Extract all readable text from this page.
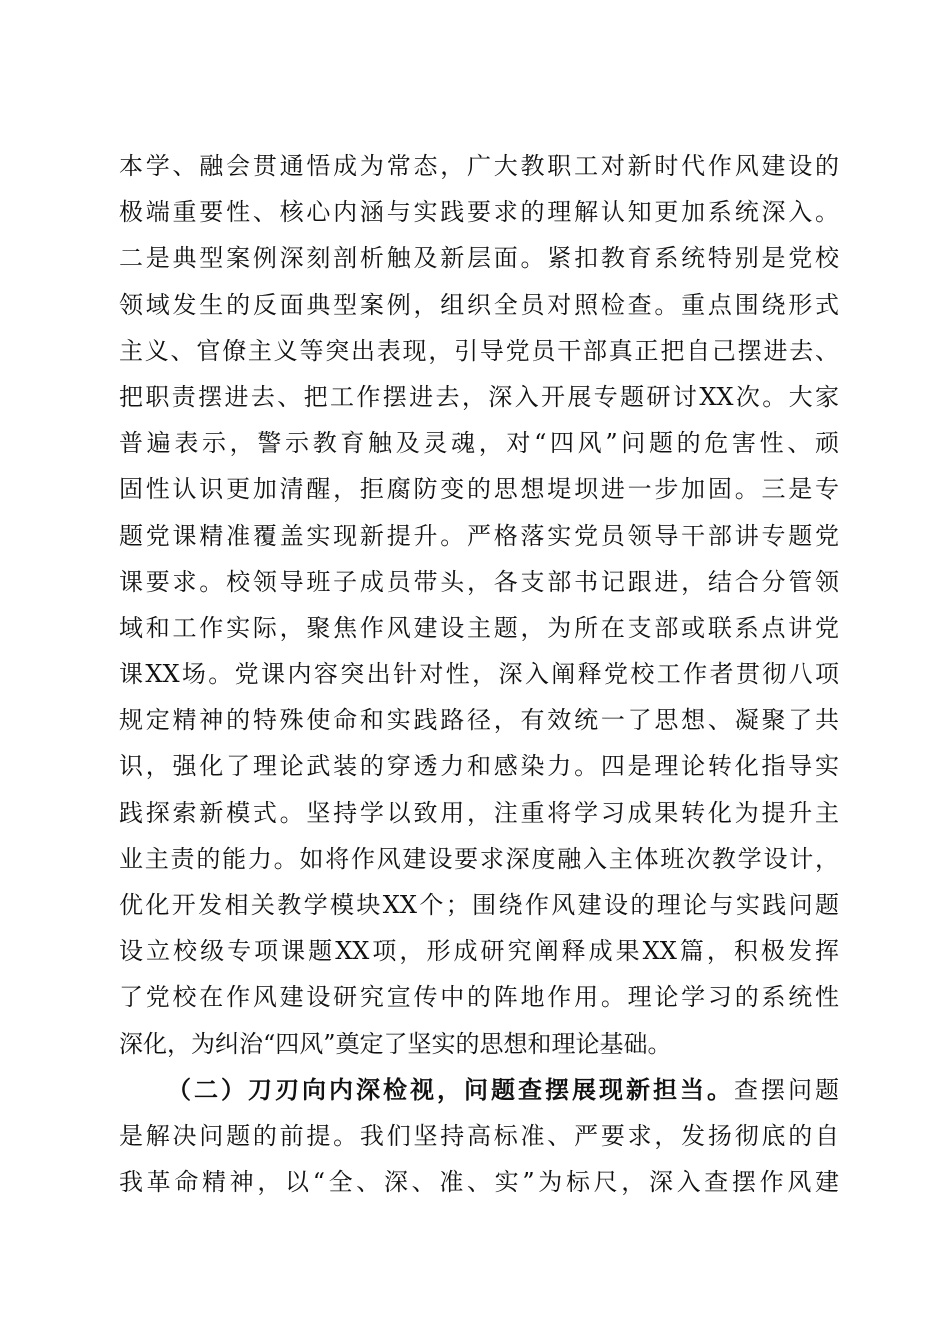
本学、融会贯通悟成为常态，广大教职工对新时代作风建设的
极端重要性、核心内涵与实践要求的理解认知更加系统深入。
二是典型案例深刻剖析触及新层面。紧扣教育系统特别是党校
领域发生的反面典型案例，组织全员对照检查。重点围绕形式
主义、官僚主义等突出表现，引导党员干部真正把自己摆进去、
把职责摆进去、把工作摆进去，深入开展专题研讨XX次。大家
普遍表示，警示教育触及灵魂，对“四风”问题的危害性、顽
固性认识更加清醒，拒腐防变的思想堤坝进一步加固。三是专
题党课精准覆盖实现新提升。严格落实党员领导干部讲专题党
课要求。校领导班子成员带头，各支部书记跟进，结合分管领
域和工作实际，聚焦作风建设主题，为所在支部或联系点讲党
课XX场。党课内容突出针对性，深入阐释党校工作者贯彻八项
规定精神的特殊使命和实践路径，有效统一了思想、凝聚了共
识，强化了理论武装的穿透力和感染力。四是理论转化指导实
践探索新模式。坚持学以致用，注重将学习成果转化为提升主
业主责的能力。如将作风建设要求深度融入主体班次教学设计，
优化开发相关教学模块XX个；围绕作风建设的理论与实践问题
设立校级专项课题XX项，形成研究阐释成果XX篇，积极发挥
了党校在作风建设研究宣传中的阵地作用。理论学习的系统性
深化，为纠治“四风”奠定了坚实的思想和理论基础。
（二）刀刃向内深检视，问题查摆展现新担当。查摆问题
是解决问题的前提。我们坚持高标准、严要求，发扬彻底的自
我革命精神，以“全、深、准、实”为标尺，深入查摆作风建
